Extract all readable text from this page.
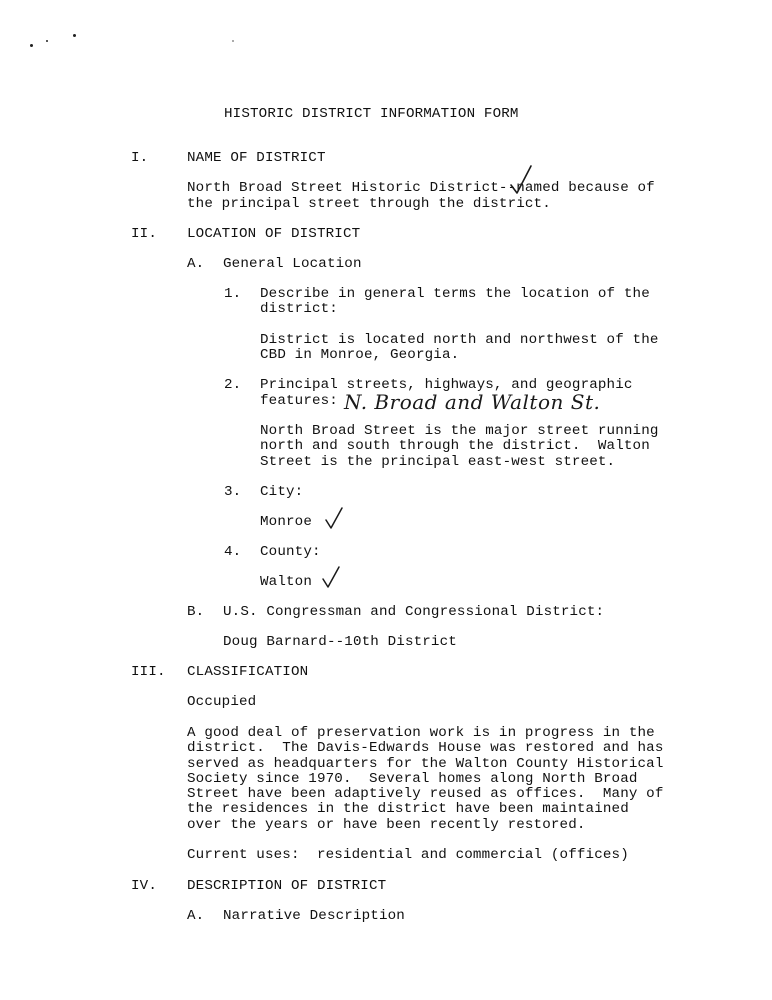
HISTORIC DISTRICT INFORMATION FORM
I.	NAME OF DISTRICT
North Broad Street Historic District--named because of
the principal street through the district.
II. LOCATION OF DISTRICT
A. General Location
1. Describe in general terms the location of the
district:
District is located north and northwest of the
CBD in Monroe, Georgia.
2. Principal streets, highways, and geographic
features: N. Broad and Walton St.
North Broad Street is the major street running
north and south through the district.  Walton
Street is the principal east-west street.
3. City:
Monroe
4. County:
Walton
B. U.S. Congressman and Congressional District:
Doug Barnard--10th District
III. CLASSIFICATION
Occupied
A good deal of preservation work is in progress in the
district.  The Davis-Edwards House was restored and has
served as headquarters for the Walton County Historical
Society since 1970.  Several homes along North Broad
Street have been adaptively reused as offices.  Many of
the residences in the district have been maintained
over the years or have been recently restored.
Current uses:  residential and commercial (offices)
IV. DESCRIPTION OF DISTRICT
A. Narrative Description
